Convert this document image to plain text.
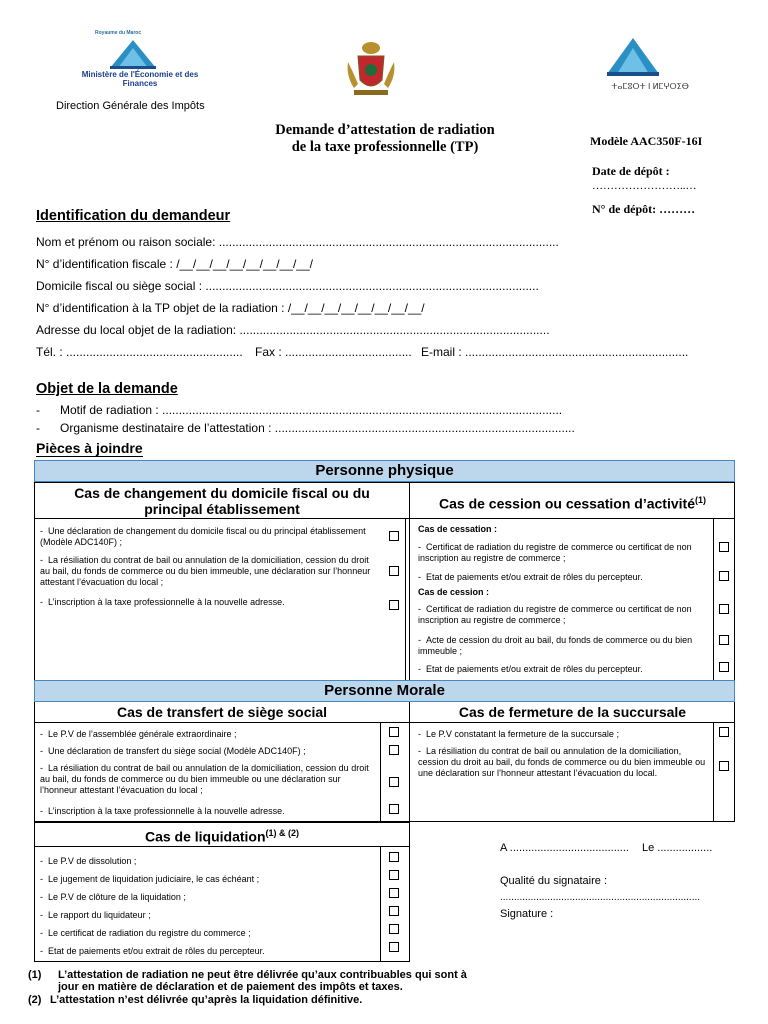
Royaume du Maroc
Ministère de l'Économie et des Finances
Direction Générale des Impôts
ⵜⴰⵎⵓⵔⵜ ⵏ ⵍⵎⵖⵔⵉⴱ
Demande d’attestation de radiation
de la taxe professionnelle (TP)	Modèle AAC350F-16I
Date de dépôt :
……………………..…
N° de dépôt: ………
Identification du demandeur
Nom et prénom ou raison sociale: ......................................................................................................
N° d’identification fiscale : /__/__/__/__/__/__/__/__/
Domicile fiscal ou siège social : ....................................................................................................
N° d’identification à la TP objet de la radiation : /__/__/__/__/__/__/__/__/
Adresse du local objet de la radiation: .............................................................................................
Tél. : ..................................................... Fax : ...................................... E-mail : ...................................................................
Objet de la demande
-      Motif de radiation : ........................................................................................................................
-      Organisme destinataire de l’attestation : ..........................................................................................
Pièces à joindre
Personne physique
Cas de changement du domicile fiscal ou du
principal établissement	Cas de cession ou cessation d’activité$^{(1)}$
-  Une déclaration de changement du domicile fiscal ou du principal établissement (Modèle ADC140F) ;
-  La résiliation du contrat de bail ou annulation de la domiciliation, cession du droit au bail, du fonds de commerce ou du bien immeuble, une déclaration sur l’honneur attestant l’évacuation du local ;
-  L’inscription à la taxe professionnelle à la nouvelle adresse.
Cas de cessation :
-  Certificat de radiation du registre de commerce ou certificat de non inscription au registre de commerce ;
-  Etat de paiements et/ou extrait de rôles du percepteur.
Cas de cession :
-  Certificat de radiation du registre de commerce ou certificat de non inscription au registre de commerce ;
-  Acte de cession du droit au bail, du fonds de commerce ou du bien immeuble ;
-  Etat de paiements et/ou extrait de rôles du percepteur.
Personne Morale
Cas de transfert de siège social	Cas de fermeture de la succursale
-  Le P.V de l’assemblée générale extraordinaire ;
-  Une déclaration de transfert du siège social (Modèle ADC140F) ;
-  La résiliation du contrat de bail ou annulation de la domiciliation, cession du droit au bail, du fonds de commerce ou du bien immeuble ou une déclaration sur l’honneur attestant l’évacuation du local ;
-  L’inscription à la taxe professionnelle à la nouvelle adresse.
-  Le P.V constatant la fermeture de la succursale ;
-  La résiliation du contrat de bail ou annulation de la domiciliation, cession du droit au bail, du fonds de commerce ou du bien immeuble ou une déclaration sur l’honneur attestant l’évacuation du local.
Cas de liquidation$^{(1) \& (2)}$
-  Le P.V de dissolution ;
-  Le jugement de liquidation judiciaire, le cas échéant ;
-  Le P.V de clôture de la liquidation ;
-  Le rapport du liquidateur ;
-  Le certificat de radiation du registre du commerce ;
-  Etat de paiements et/ou extrait de rôles du percepteur.
A ....................................... Le ..................
Qualité du signataire :
........................................................................
Signature :
(1)	L’attestation de radiation ne peut être délivrée qu’aux contribuables qui sont à jour en matière de déclaration et de paiement des impôts et taxes.
(2) L’attestation n’est délivrée qu’après la liquidation définitive.
